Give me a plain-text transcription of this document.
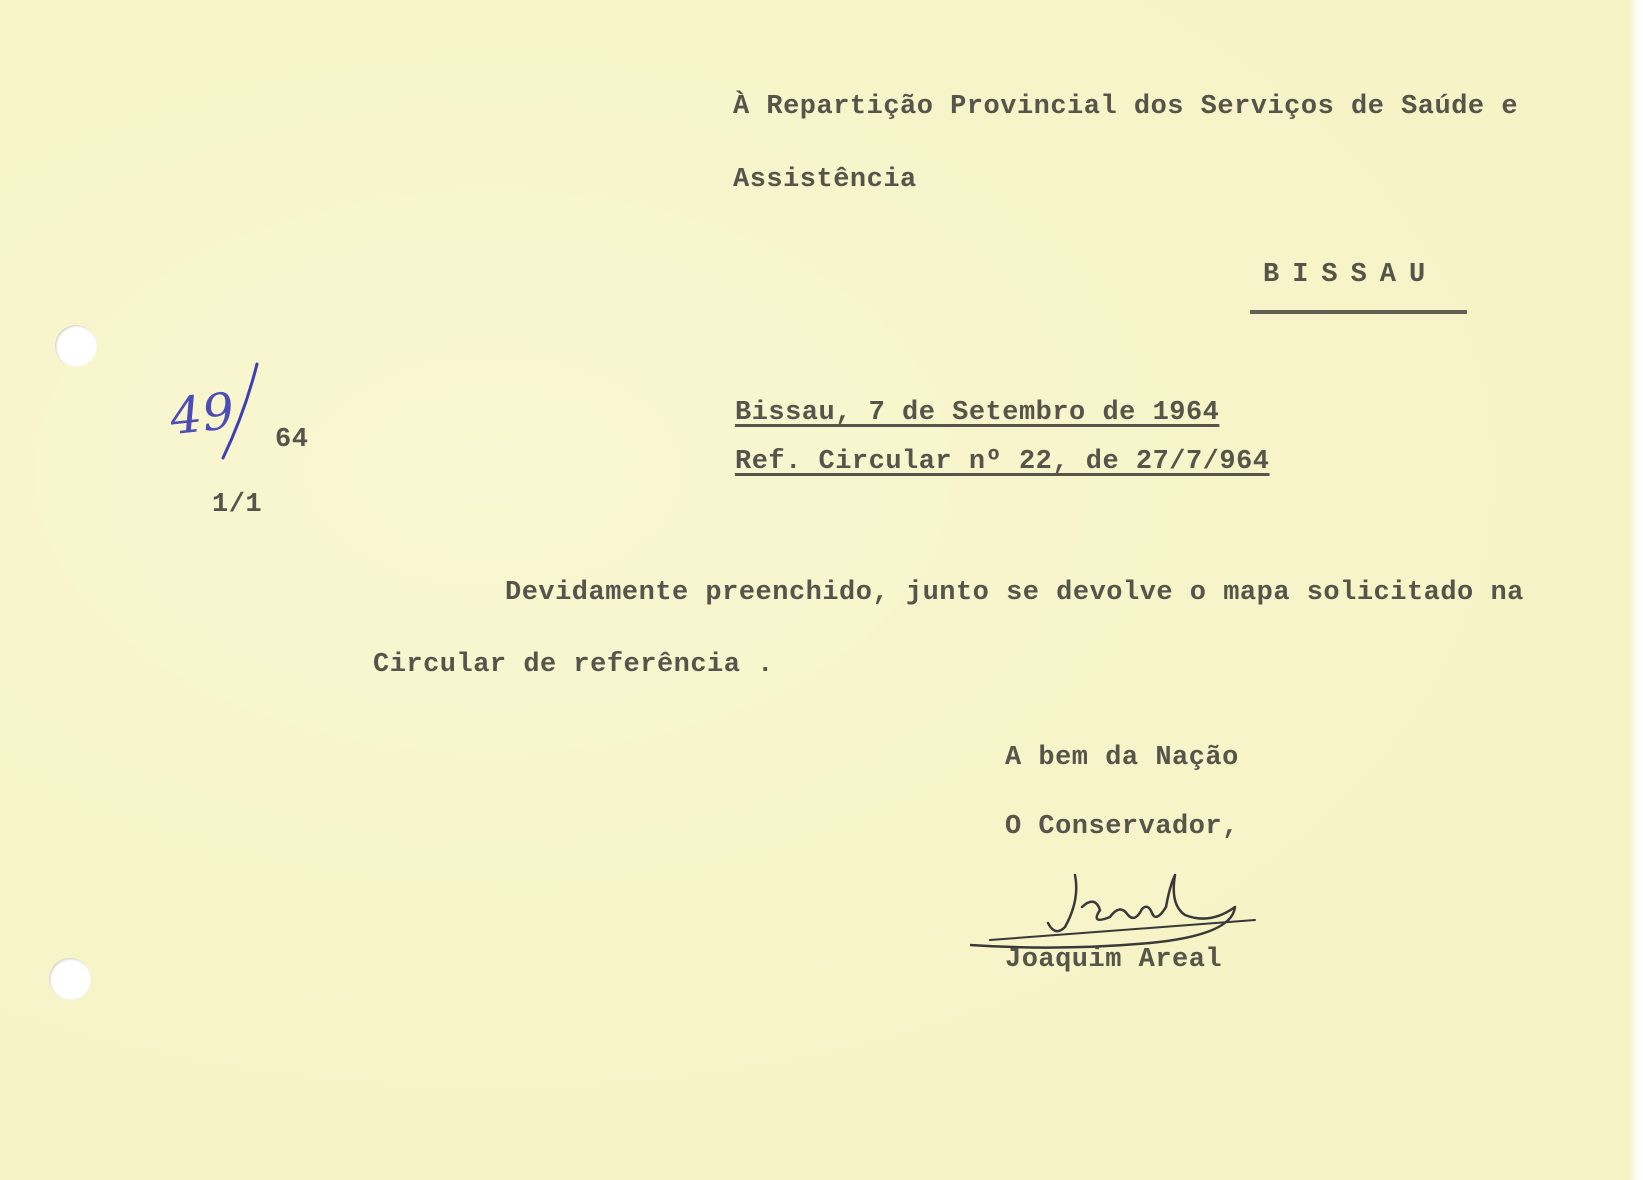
À Repartição Provincial dos Serviços de Saúde e
Assistência
BISSAU
49 64
1/1
Bissau, 7 de Setembro de 1964
Ref. Circular nº 22, de 27/7/964
Devidamente preenchido, junto se devolve o mapa solicitado na
Circular de referência .
A bem da Nação
O Conservador,
Joaquim Areal
